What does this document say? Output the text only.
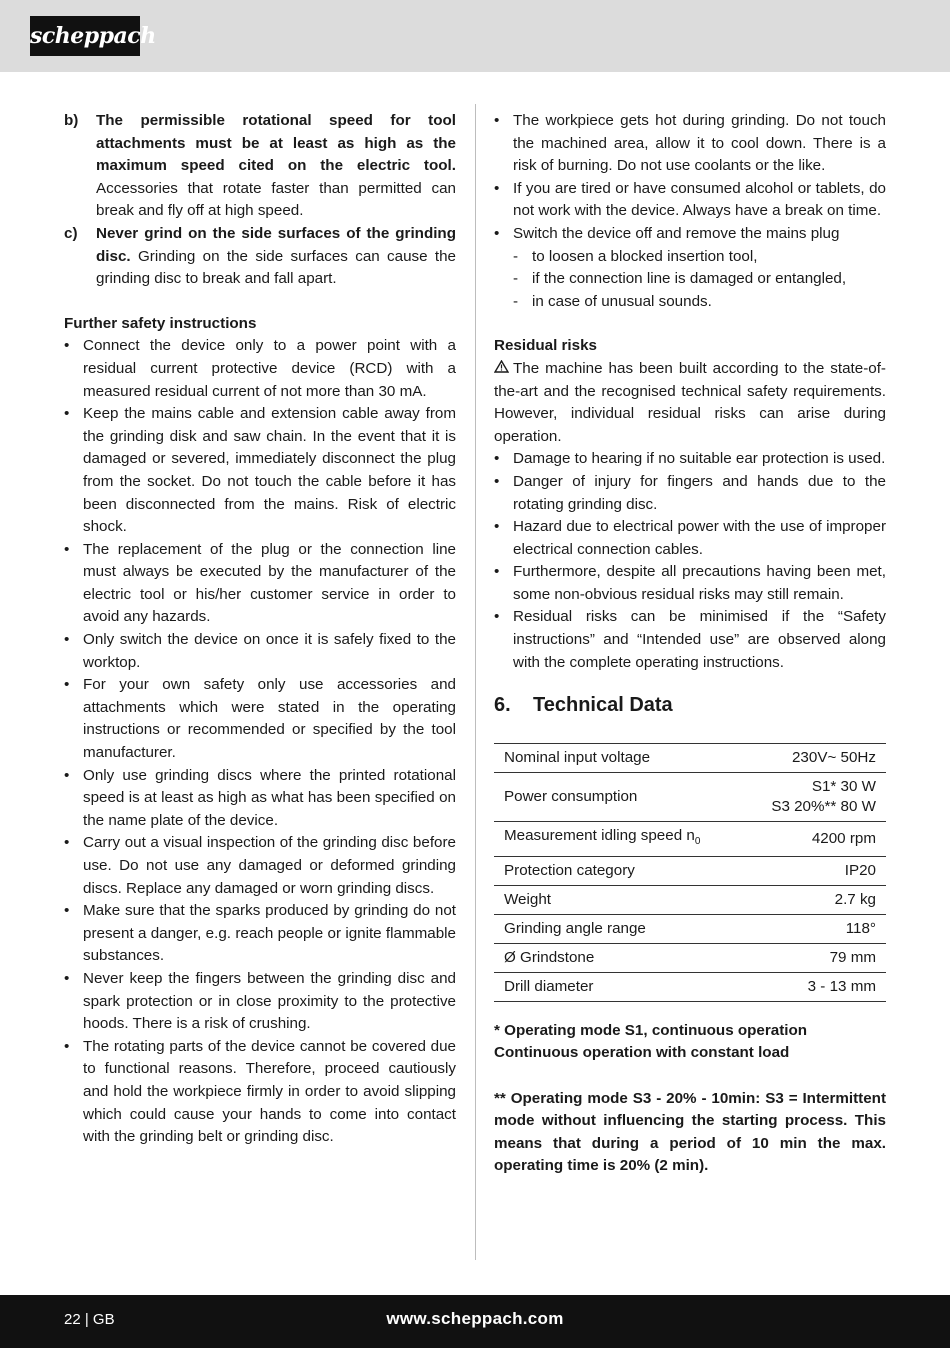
scheppach
b)	The permissible rotational speed for tool attachments must be at least as high as the maximum speed cited on the electric tool. Accessories that rotate faster than permitted can break and fly off at high speed.
c)	Never grind on the side surfaces of the grinding disc. Grinding on the side surfaces can cause the grinding disc to break and fall apart.
Further safety instructions
• Connect the device only to a power point with a residual current protective device (RCD) with a measured residual current of not more than 30 mA.
• Keep the mains cable and extension cable away from the grinding disk and saw chain. In the event that it is damaged or severed, immediately disconnect the plug from the socket. Do not touch the cable before it has been disconnected from the mains. Risk of electric shock.
• The replacement of the plug or the connection line must always be executed by the manufacturer of the electric tool or his/her customer service in order to avoid any hazards.
• Only switch the device on once it is safely fixed to the worktop.
• For your own safety only use accessories and attachments which were stated in the operating instructions or recommended or specified by the tool manufacturer.
• Only use grinding discs where the printed rotational speed is at least as high as what has been specified on the name plate of the device.
• Carry out a visual inspection of the grinding disc before use. Do not use any damaged or deformed grinding discs. Replace any damaged or worn grinding discs.
• Make sure that the sparks produced by grinding do not present a danger, e.g. reach people or ignite flammable substances.
• Never keep the fingers between the grinding disc and spark protection or in close proximity to the protective hoods. There is a risk of crushing.
• The rotating parts of the device cannot be covered due to functional reasons. Therefore, proceed cautiously and hold the workpiece firmly in order to avoid slipping which could cause your hands to come into contact with the grinding belt or grinding disc.
• The workpiece gets hot during grinding. Do not touch the machined area, allow it to cool down. There is a risk of burning. Do not use coolants or the like.
• If you are tired or have consumed alcohol or tablets, do not work with the device. Always have a break on time.
• Switch the device off and remove the mains plug
- to loosen a blocked insertion tool,
- if the connection line is damaged or entangled,
- in case of unusual sounds.
Residual risks
The machine has been built according to the state-of-the-art and the recognised technical safety requirements. However, individual residual risks can arise during operation.
• Damage to hearing if no suitable ear protection is used.
• Danger of injury for fingers and hands due to the rotating grinding disc.
• Hazard due to electrical power with the use of improper electrical connection cables.
• Furthermore, despite all precautions having been met, some non-obvious residual risks may still remain.
• Residual risks can be minimised if the “Safety instructions” and “Intended use” are observed along with the complete operating instructions.
6.	Technical Data
Nominal input voltage	230V~ 50Hz
Power consumption	S1* 30 W
S3 20%** 80 W

Measurement idling speed $n_0$	4200 rpm
Protection category	IP20
Weight	2.7 kg
Grinding angle range	118°
Ø Grindstone	79 mm
Drill diameter	3 - 13 mm

* Operating mode S1, continuous operation
Continuous operation with constant load

** Operating mode S3 - 20% - 10min: S3 = Intermittent mode without influencing the starting process. This means that during a period of 10 min the max. operating time is 20% (2 min).

22 | GB	www.scheppach.com
